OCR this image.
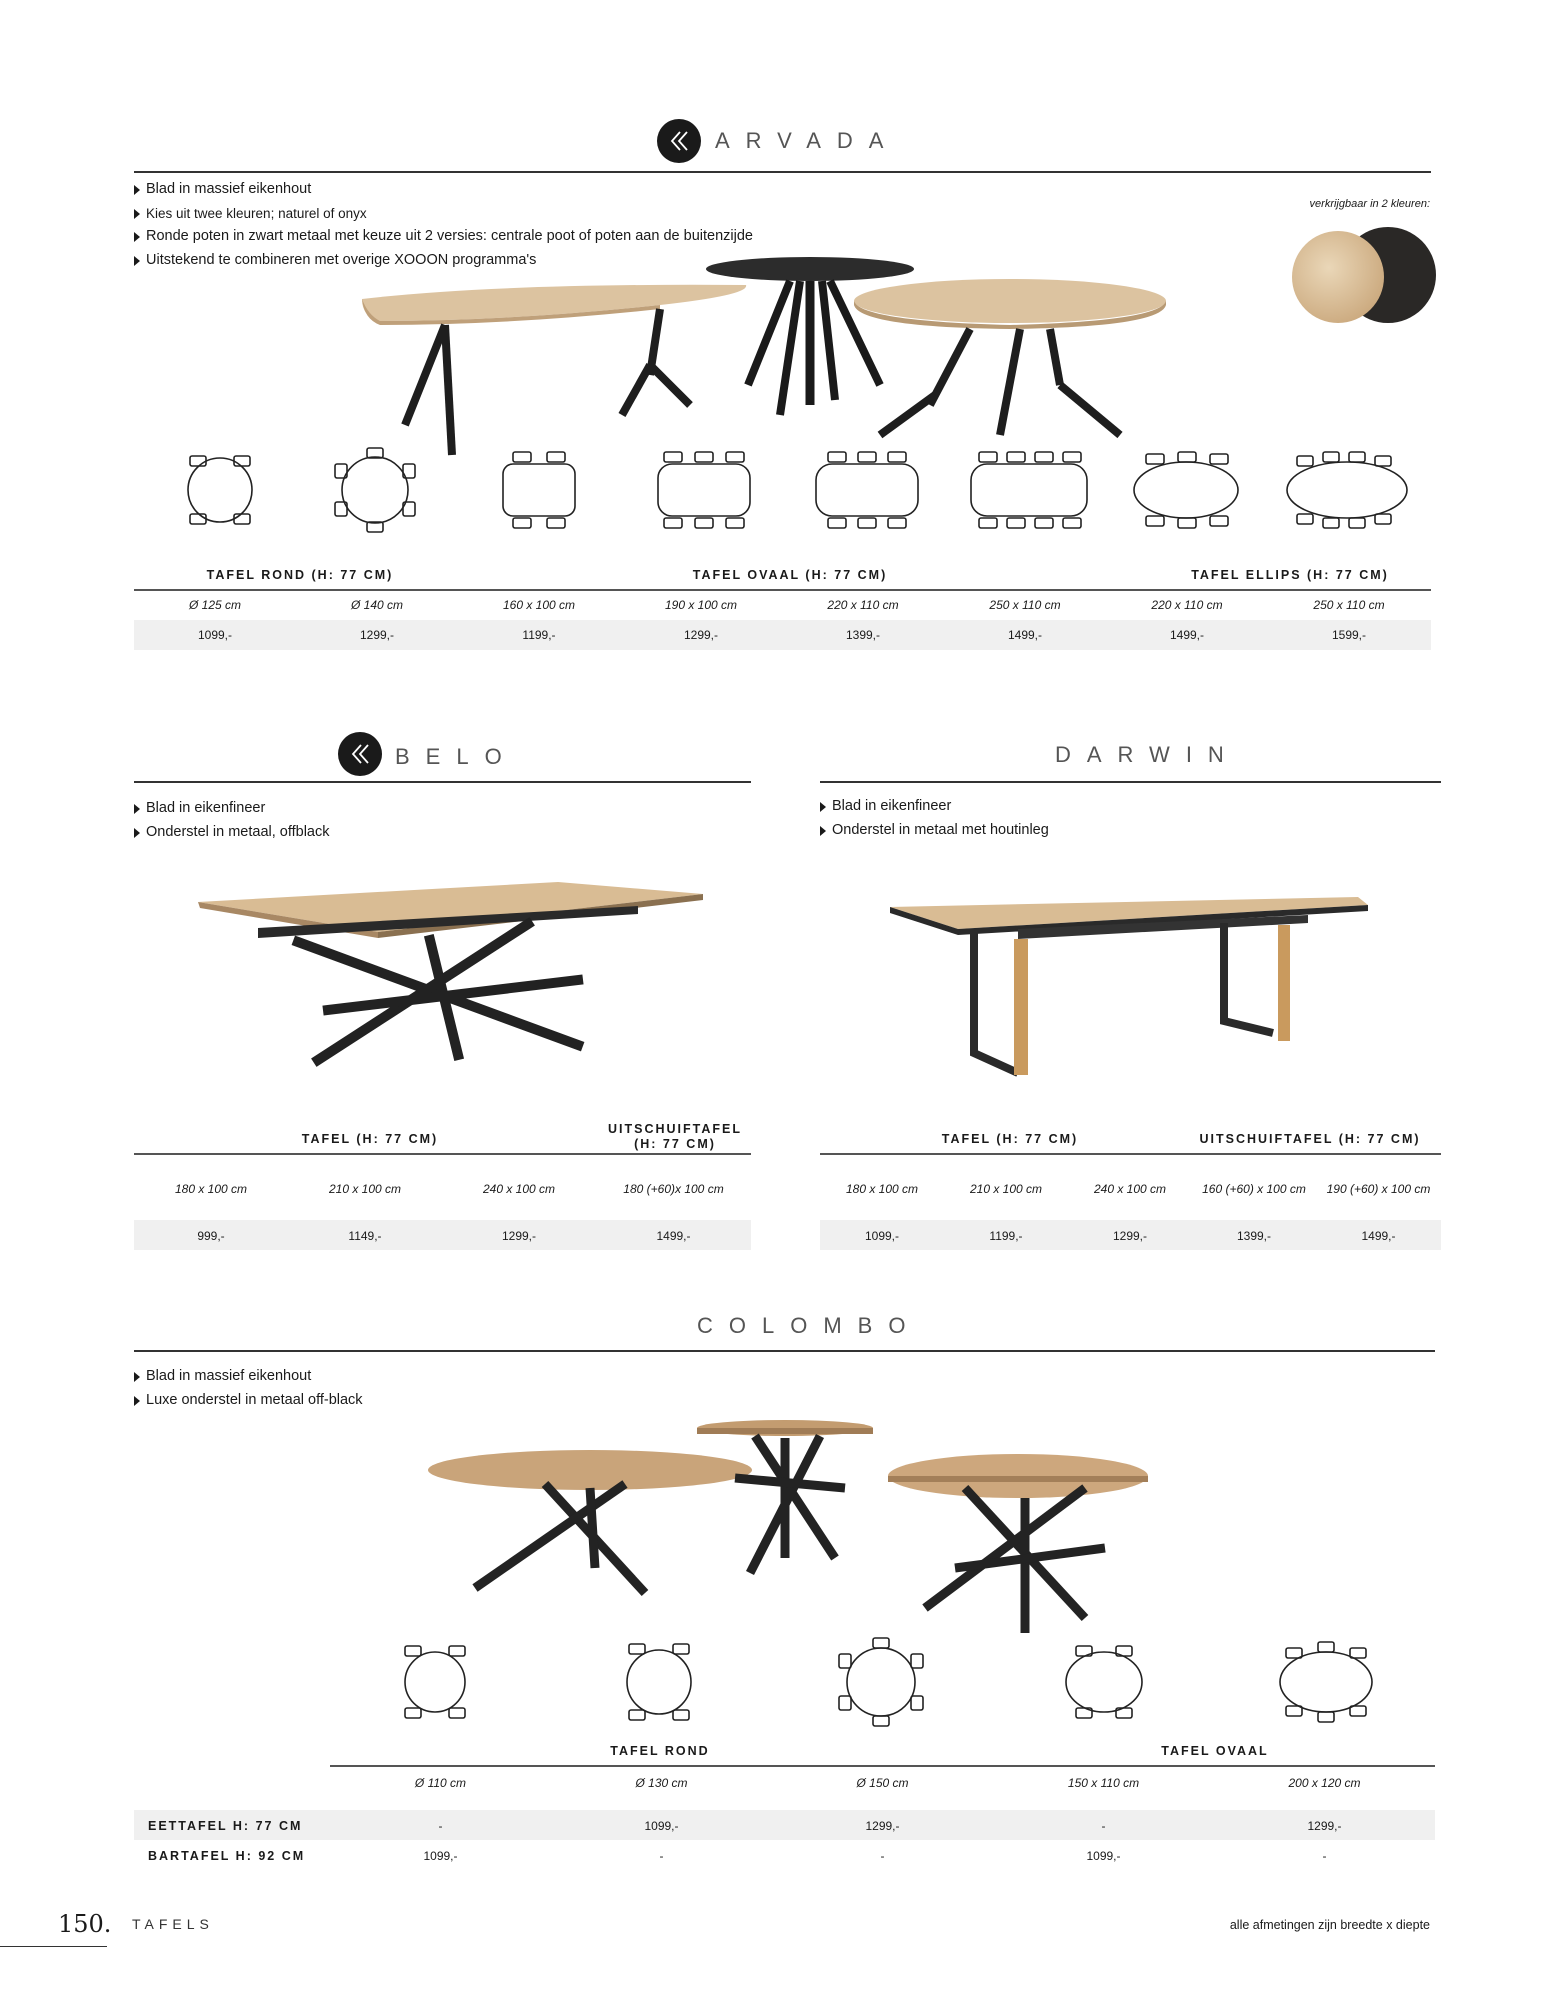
ARVADA
Blad in massief eikenhout
Kies uit twee kleuren; naturel of onyx
Ronde poten in zwart metaal met keuze uit 2 versies: centrale poot of poten aan de buitenzijde
Uitstekend te combineren met overige XOOON programma's
verkrijgbaar in 2 kleuren:
TAFEL ROND (H: 77 CM)	TAFEL OVAAL (H: 77 CM)	TAFEL ELLIPS (H: 77 CM)
Ø 125 cm	Ø 140 cm	160 x 100 cm	190 x 100 cm	220 x 110 cm	250 x 110 cm	220 x 110 cm	250 x 110 cm
1099,-	1299,-	1199,-	1299,-	1399,-	1499,-	1499,-	1599,-
BELO
Blad in eikenfineer
Onderstel in metaal, offblack
TAFEL (H: 77 CM)
UITSCHUIFTAFEL
(H: 77 CM)
180 x 100 cm	210 x 100 cm	240 x 100 cm	180 (+60)x 100 cm
999,-	1149,-	1299,-	1499,-
DARWIN
Blad in eikenfineer
Onderstel in metaal met houtinleg
TAFEL (H: 77 CM)	UITSCHUIFTAFEL (H: 77 CM)
180 x 100 cm	210 x 100 cm	240 x 100 cm	160 (+60) x 100 cm	190 (+60) x 100 cm
1099,-	1199,-	1299,-	1399,-	1499,-
COLOMBO
Blad in massief eikenhout
Luxe onderstel in metaal off-black
TAFEL ROND	TAFEL OVAAL
Ø 110 cm	Ø 130 cm	Ø 150 cm	150 x 110 cm	200 x 120 cm
EETTAFEL H: 77 CM	-	1099,-	1299,-	-	1299,-
BARTAFEL H: 92 CM	1099,-	-	-	1099,-	-
150. TAFELS	alle afmetingen zijn breedte x diepte
